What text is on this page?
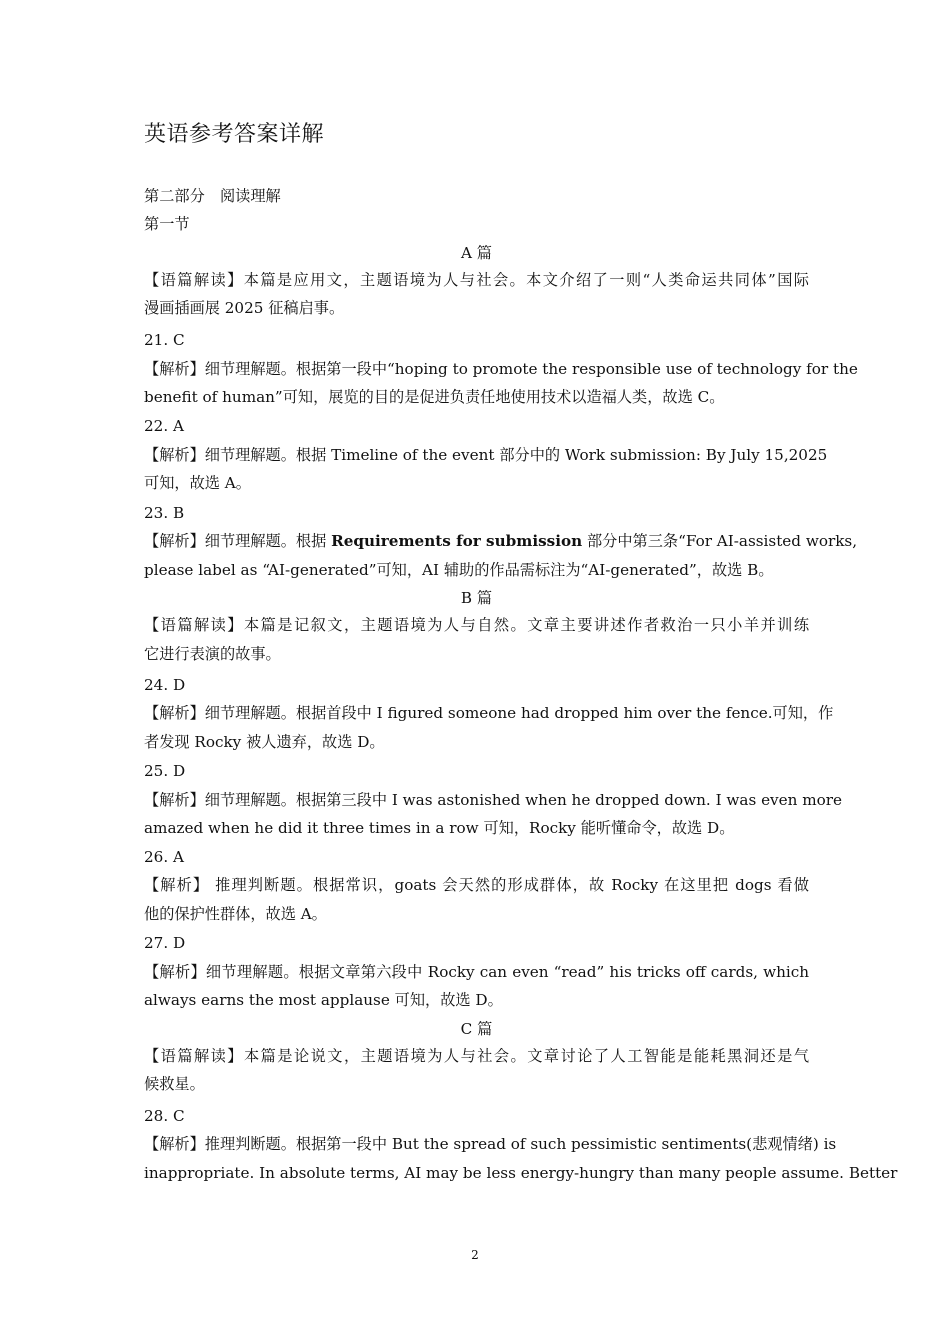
英语参考答案详解
第二部分　阅读理解
第一节
A 篇
【语篇解读】本篇是应用文，主题语境为人与社会。本文介绍了一则“人类命运共同体”国际
漫画插画展 2025 征稿启事。
21. C
【解析】细节理解题。根据第一段中“hoping to promote the responsible use of technology for the
benefit of human”可知，展览的目的是促进负责任地使用技术以造福人类，故选 C。
22. A
【解析】细节理解题。根据 Timeline of the event 部分中的 Work submission: By July 15,2025
可知，故选 A。
23. B
【解析】细节理解题。根据 Requirements for submission 部分中第三条“For AI-assisted works,
please label as “AI-generated”可知，AI 辅助的作品需标注为“AI-generated”，故选 B。
B 篇
【语篇解读】本篇是记叙文，主题语境为人与自然。文章主要讲述作者救治一只小羊并训练
它进行表演的故事。
24. D
【解析】细节理解题。根据首段中 I figured someone had dropped him over the fence.可知，作
者发现 Rocky 被人遗弃，故选 D。
25. D
【解析】细节理解题。根据第三段中 I was astonished when he dropped down. I was even more
amazed when he did it three times in a row 可知，Rocky 能听懂命令，故选 D。
26. A
【解析】 推理判断题。根据常识，goats 会天然的形成群体，故 Rocky 在这里把 dogs 看做
他的保护性群体，故选 A。
27. D
【解析】细节理解题。根据文章第六段中 Rocky can even “read” his tricks off cards, which
always earns the most applause 可知，故选 D。
C 篇
【语篇解读】本篇是论说文，主题语境为人与社会。文章讨论了人工智能是能耗黑洞还是气
候救星。
28. C
【解析】推理判断题。根据第一段中 But the spread of such pessimistic sentiments(悲观情绪) is
inappropriate. In absolute terms, AI may be less energy-hungry than many people assume. Better
2
